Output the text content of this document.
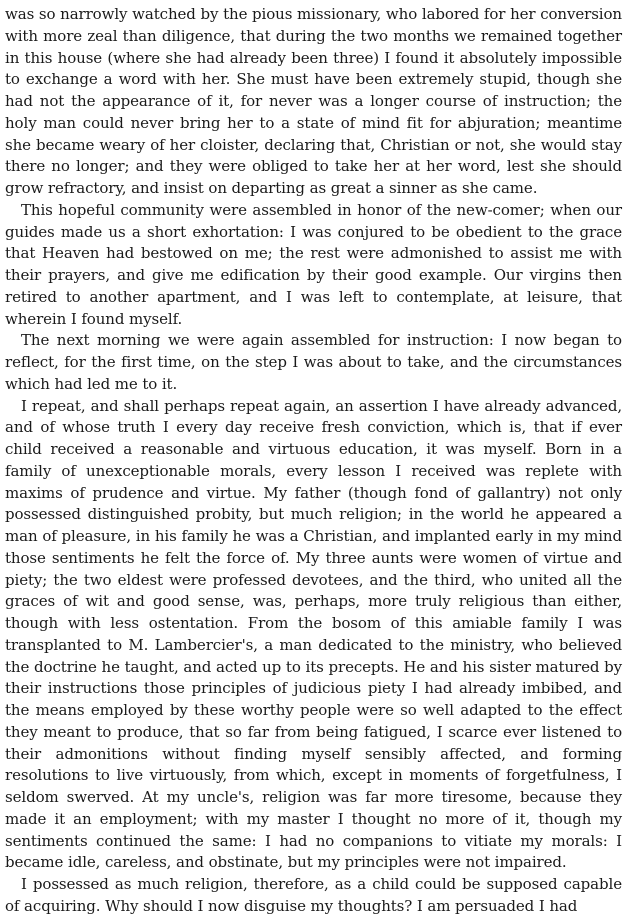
was so narrowly watched by the pious missionary, who labored for her conversion with more zeal than diligence, that during the two months we remained together in this house (where she had already been three) I found it absolutely impossible to exchange a word with her. She must have been extremely stupid, though she had not the appearance of it, for never was a longer course of instruction; the holy man could never bring her to a state of mind fit for abjuration; meantime she became weary of her cloister, declaring that, Christian or not, she would stay there no longer; and they were obliged to take her at her word, lest she should grow refractory, and insist on departing as great a sinner as she came.

This hopeful community were assembled in honor of the new-comer; when our guides made us a short exhortation: I was conjured to be obedient to the grace that Heaven had bestowed on me; the rest were admonished to assist me with their prayers, and give me edification by their good example. Our virgins then retired to another apartment, and I was left to contemplate, at leisure, that wherein I found myself.

The next morning we were again assembled for instruction: I now began to reflect, for the first time, on the step I was about to take, and the circumstances which had led me to it.

I repeat, and shall perhaps repeat again, an assertion I have already advanced, and of whose truth I every day receive fresh conviction, which is, that if ever child received a reasonable and virtuous education, it was myself. Born in a family of unexceptionable morals, every lesson I received was replete with maxims of prudence and virtue. My father (though fond of gallantry) not only possessed distinguished probity, but much religion; in the world he appeared a man of pleasure, in his family he was a Christian, and implanted early in my mind those sentiments he felt the force of. My three aunts were women of virtue and piety; the two eldest were professed devotees, and the third, who united all the graces of wit and good sense, was, perhaps, more truly religious than either, though with less ostentation. From the bosom of this amiable family I was transplanted to M. Lambercier's, a man dedicated to the ministry, who believed the doctrine he taught, and acted up to its precepts. He and his sister matured by their instructions those principles of judicious piety I had already imbibed, and the means employed by these worthy people were so well adapted to the effect they meant to produce, that so far from being fatigued, I scarce ever listened to their admonitions without finding myself sensibly affected, and forming resolutions to live virtuously, from which, except in moments of forgetfulness, I seldom swerved. At my uncle's, religion was far more tiresome, because they made it an employment; with my master I thought no more of it, though my sentiments continued the same: I had no companions to vitiate my morals: I became idle, careless, and obstinate, but my principles were not impaired.

I possessed as much religion, therefore, as a child could be supposed capable of acquiring. Why should I now disguise my thoughts? I am persuaded I had
